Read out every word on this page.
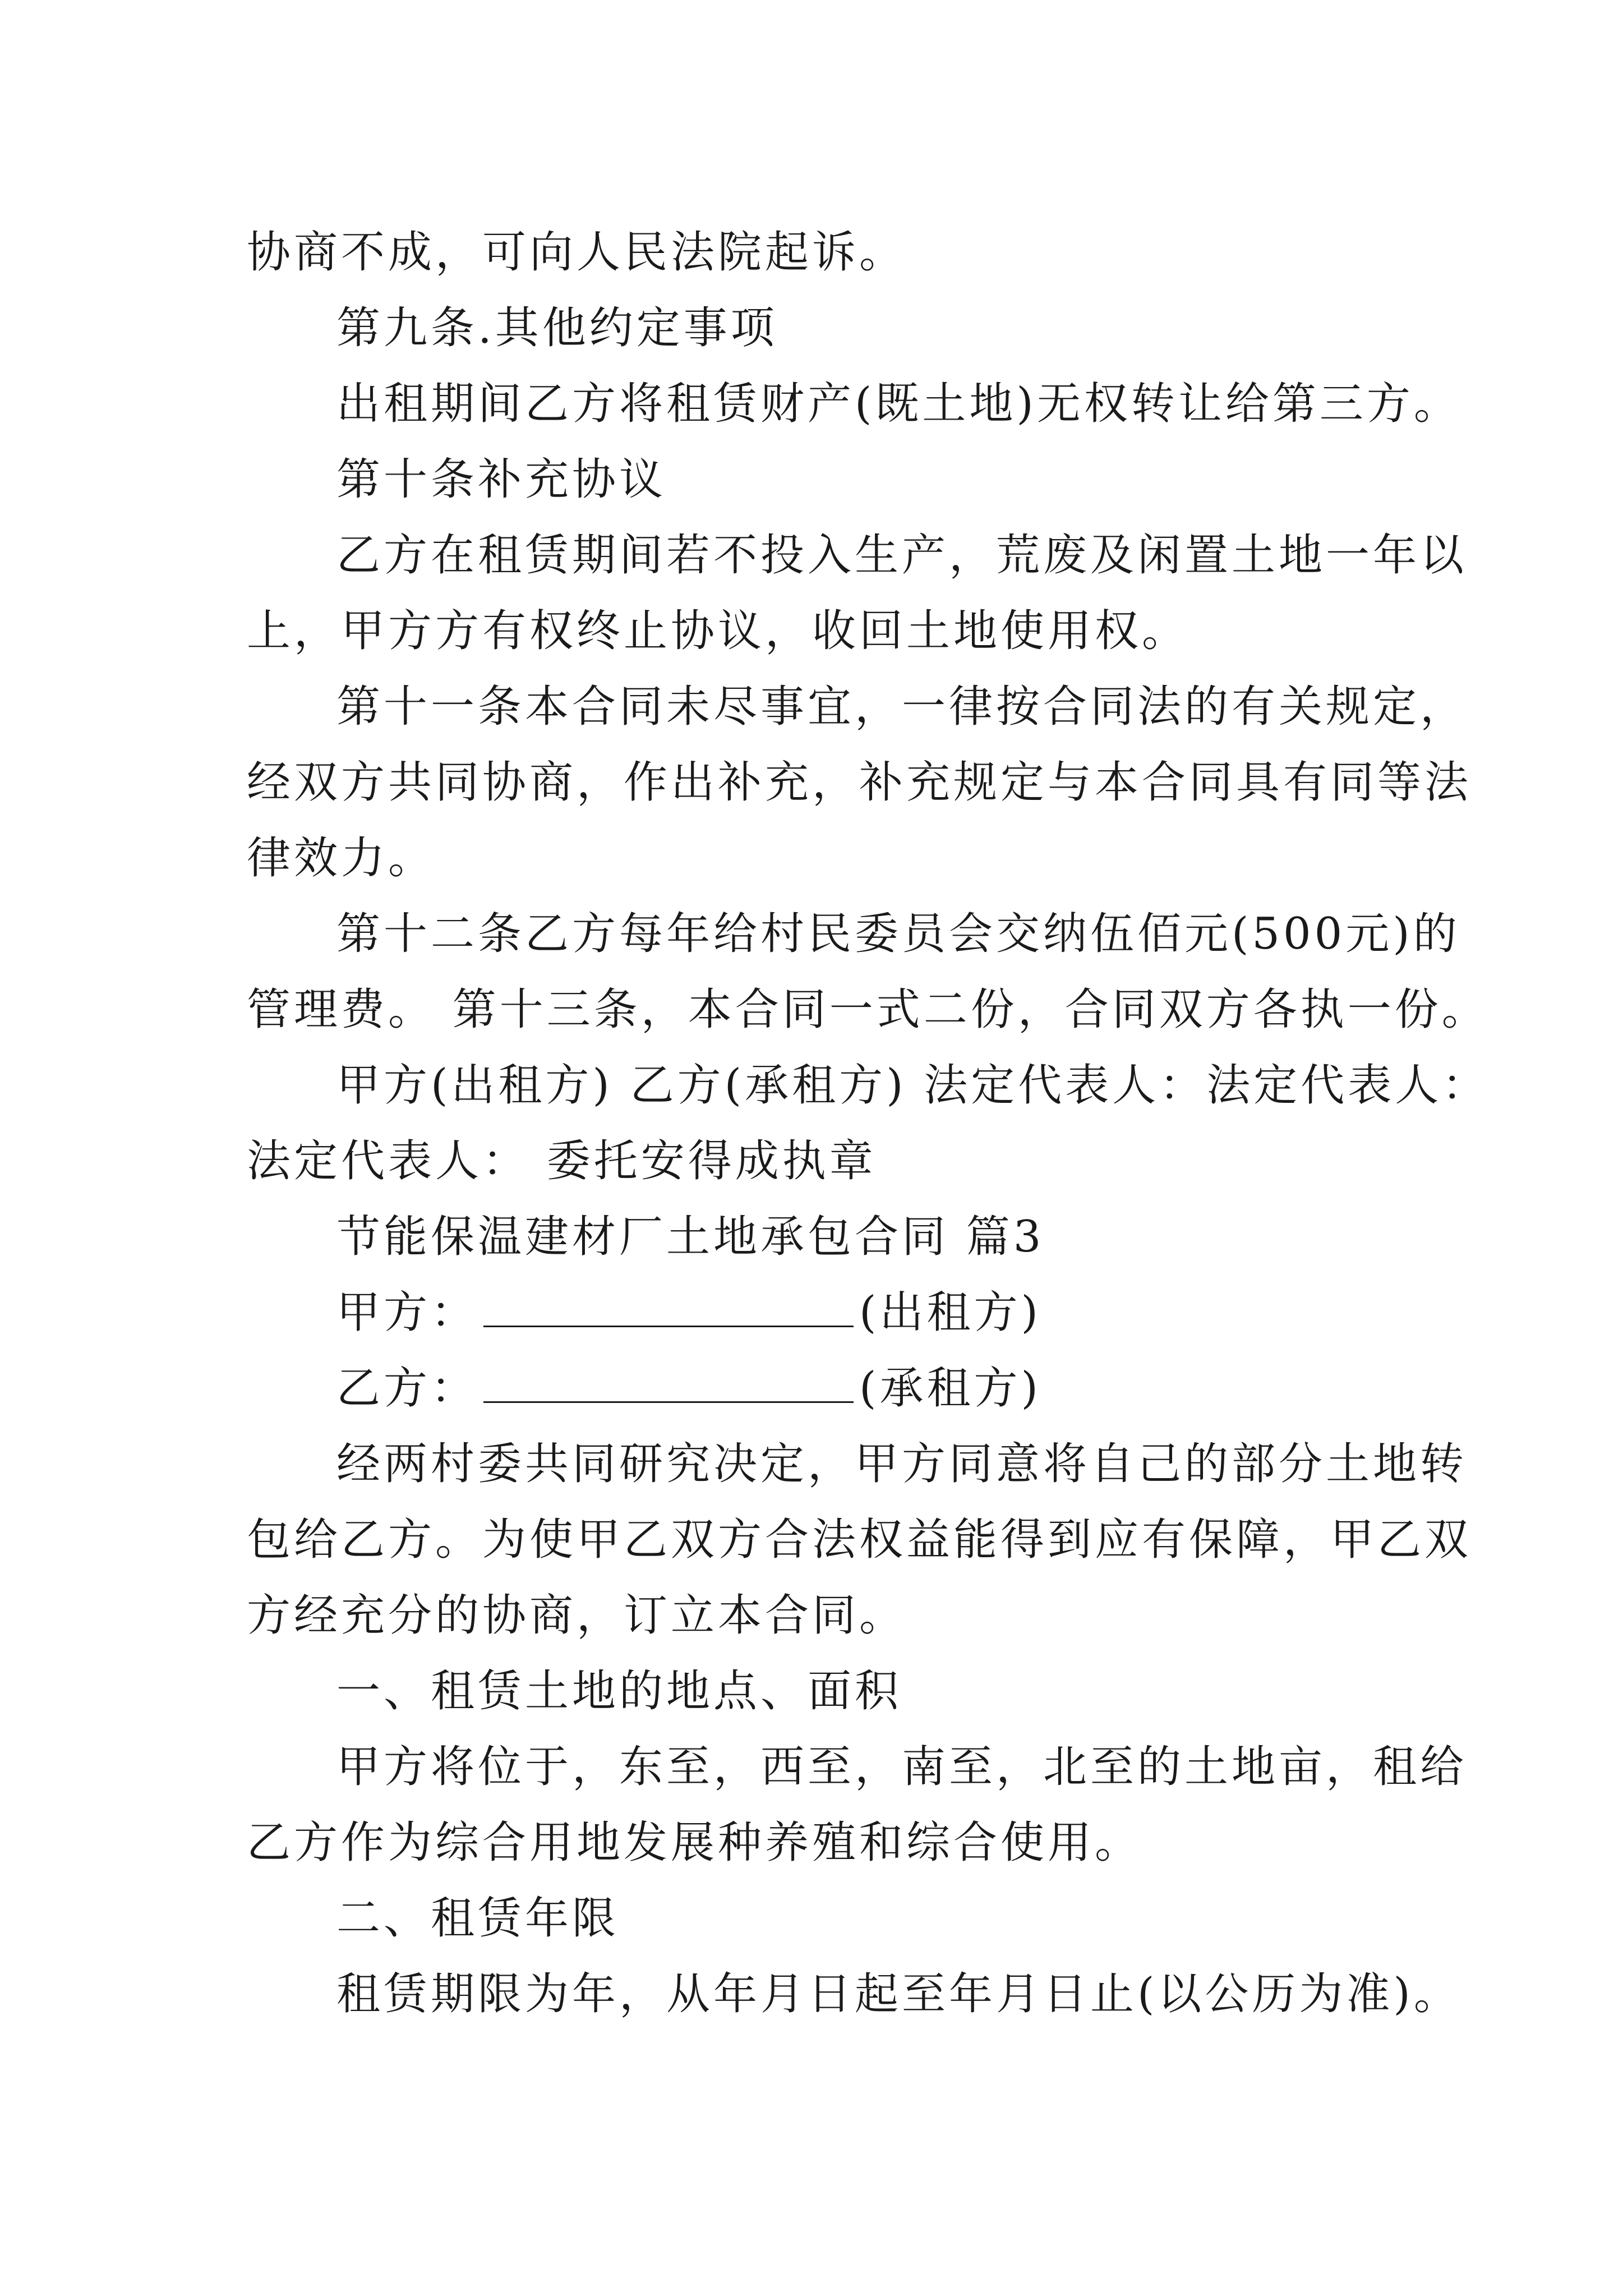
协商不成，可向人民法院起诉。
第九条.其他约定事项
出租期间乙方将租赁财产(既土地)无权转让给第三方。
第十条补充协议
乙方在租赁期间若不投入生产，荒废及闲置土地一年以
上，甲方方有权终止协议，收回土地使用权。
第十一条本合同未尽事宜，一律按合同法的有关规定，
经双方共同协商，作出补充，补充规定与本合同具有同等法
律效力。
第十二条乙方每年给村民委员会交纳伍佰元(500元)的
管理费。 第十三条，本合同一式二份，合同双方各执一份。
甲方(出租方) 乙方(承租方) 法定代表人：法定代表人：
法定代表人： 委托安得成执章
节能保温建材厂土地承包合同 篇3
甲方：	(出租方)
乙方：	(承租方)
经两村委共同研究决定，甲方同意将自己的部分土地转
包给乙方。为使甲乙双方合法权益能得到应有保障，甲乙双
方经充分的协商，订立本合同。
一、租赁土地的地点、面积
甲方将位于，东至，西至，南至，北至的土地亩，租给
乙方作为综合用地发展种养殖和综合使用。
二、租赁年限
租赁期限为年，从年月日起至年月日止(以公历为准)。
